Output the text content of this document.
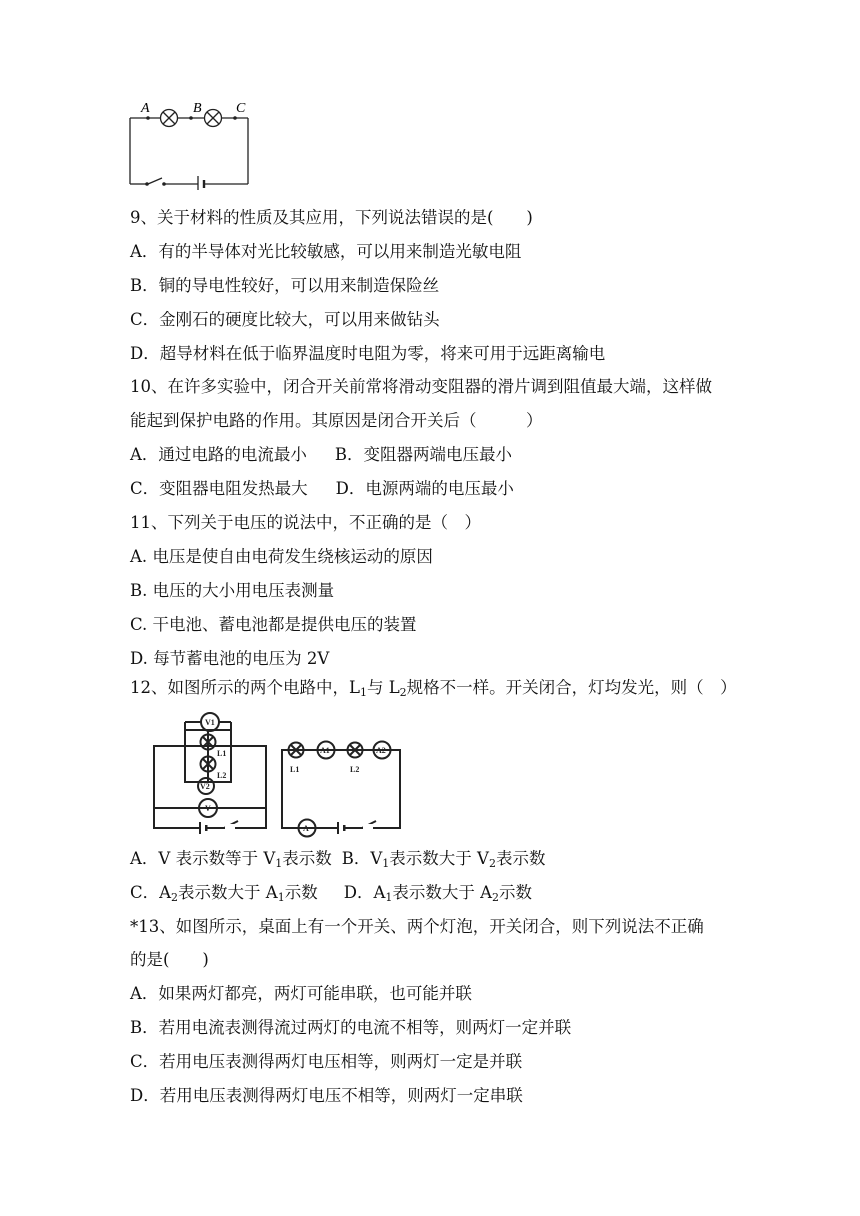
A	B C
9、关于材料的性质及其应用，下列说法错误的是(　　)
A．有的半导体对光比较敏感，可以用来制造光敏电阻
B．铜的导电性较好，可以用来制造保险丝
C．金刚石的硬度比较大，可以用来做钻头
D．超导材料在低于临界温度时电阻为零，将来可用于远距离输电
10、在许多实验中，闭合开关前常将滑动变阻器的滑片调到阻值最大端，这样做
能起到保护电路的作用。其原因是闭合开关后（　　　）
A．通过电路的电流最小 B．变阻器两端电压最小
C．变阻器电阻发热最大 D．电源两端的电压最小
11、下列关于电压的说法中，不正确的是（　）
A. 电压是使自由电荷发生绕核运动的原因
B. 电压的大小用电压表测量
C. 干电池、蓄电池都是提供电压的装置
D. 每节蓄电池的电压为 2V
12、如图所示的两个电路中，$L_1$与 $L_2$规格不一样。开关闭合，灯均发光，则（　）
V1
L1
L2
V2
V
A1	A2
L1	L2
A
A．V 表示数等于 $V_1$表示数 B．$V_1$表示数大于 $V_2$表示数
C．$A_2$表示数大于 $A_1$示数 D．$A_1$表示数大于 $A_2$示数
*13、如图所示，桌面上有一个开关、两个灯泡，开关闭合，则下列说法不正确
的是(　　)
A．如果两灯都亮，两灯可能串联，也可能并联
B．若用电流表测得流过两灯的电流不相等，则两灯一定并联
C．若用电压表测得两灯电压相等，则两灯一定是并联
D．若用电压表测得两灯电压不相等，则两灯一定串联
